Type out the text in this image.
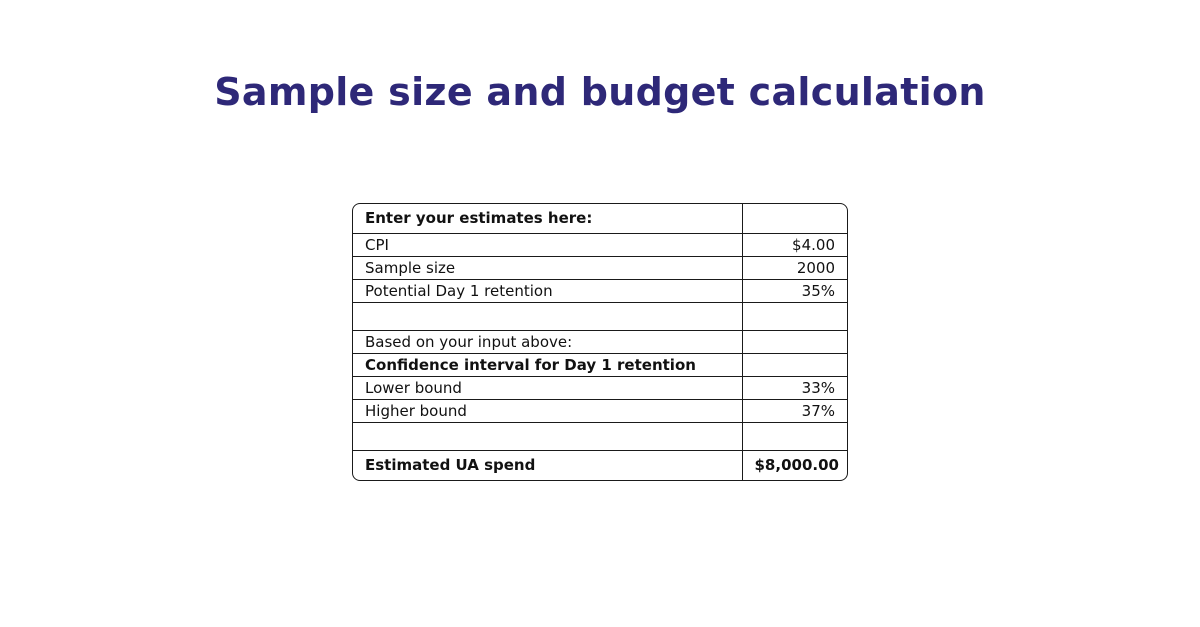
Sample size and budget calculation
Enter your estimates here:	
CPI	$4.00
Sample size	2000
Potential Day 1 retention	35%

Based on your input above:	
Confidence interval for Day 1 retention	
Lower bound	33%
Higher bound	37%

Estimated UA spend	$8,000.00
